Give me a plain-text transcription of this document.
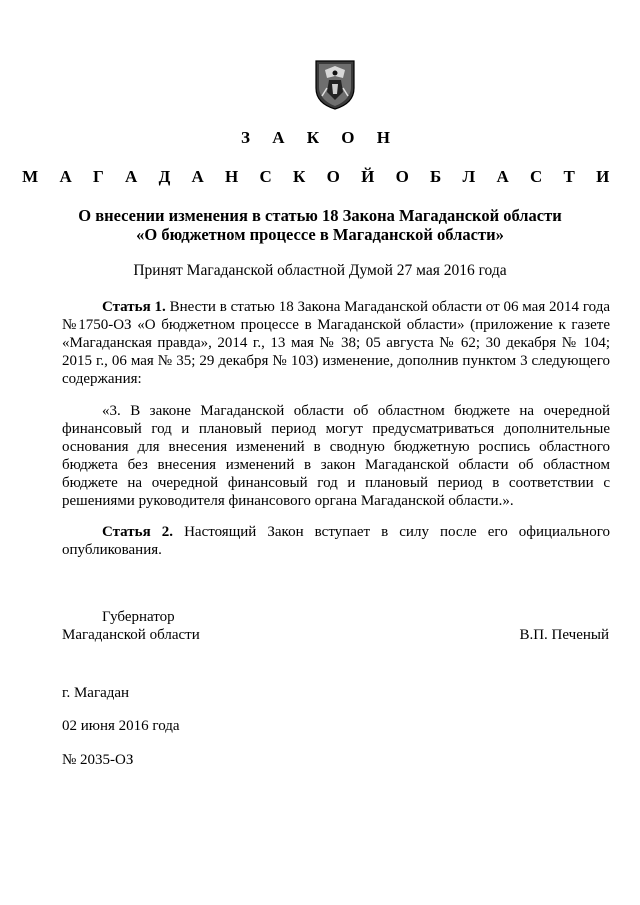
З А К О Н
М А Г А Д А Н С К О Й О Б Л А С Т И
О внесении изменения в статью 18 Закона Магаданской области
«О бюджетном процессе в Магаданской области»
Принят Магаданской областной Думой 27 мая 2016 года

Статья 1. Внести в статью 18 Закона Магаданской области от 06 мая 2014 года №1750-ОЗ «О бюджетном процессе в Магаданской области» (приложение к газете «Магаданская правда», 2014 г., 13 мая № 38; 05 августа № 62; 30 декабря № 104; 2015 г., 06 мая № 35; 29 декабря № 103) изменение, дополнив пунктом 3 следующего содержания:

«3. В законе Магаданской области об областном бюджете на очередной финансовый год и плановый период могут предусматриваться дополнительные основания для внесения изменений в сводную бюджетную роспись областного бюджета без внесения изменений в закон Магаданской области об областном бюджете на очередной финансовый год и плановый период в соответствии с решениями руководителя финансового органа Магаданской области.».

Статья 2. Настоящий Закон вступает в силу после его официального опубликования.

Губернатор
Магаданской области	В.П. Печеный
г. Магадан
02 июня 2016 года
№ 2035-ОЗ
